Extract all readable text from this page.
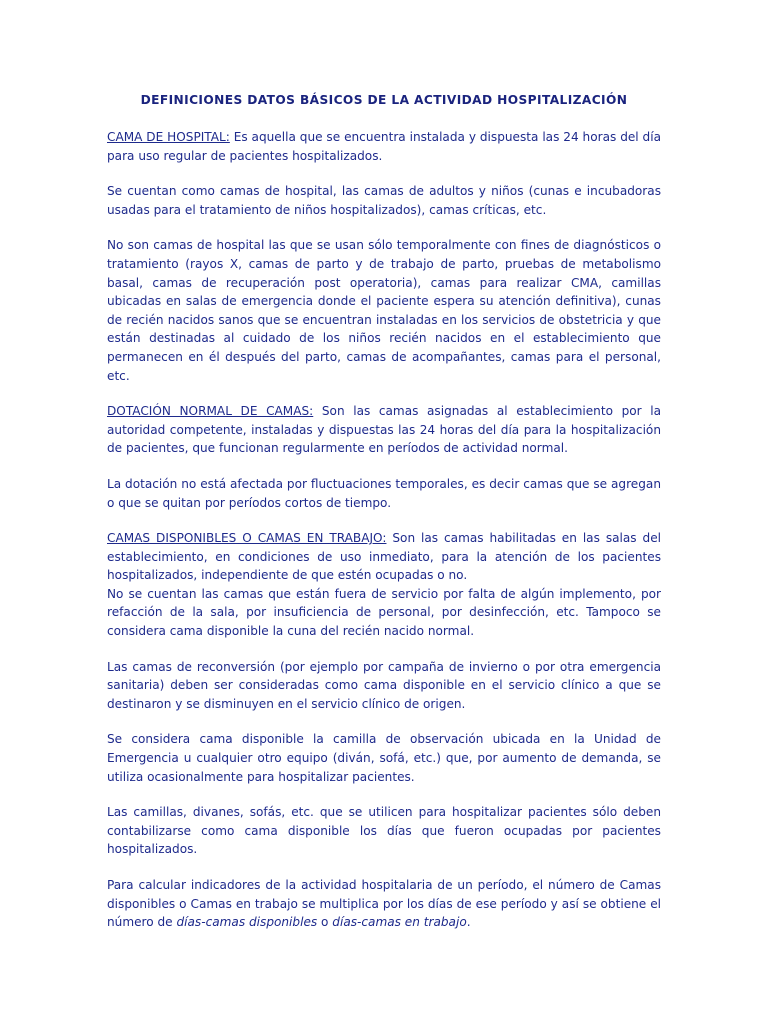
DEFINICIONES DATOS BÁSICOS DE LA ACTIVIDAD HOSPITALIZACIÓN

CAMA DE HOSPITAL: Es aquella que se encuentra instalada y dispuesta las 24 horas del día para uso regular de pacientes hospitalizados.

Se cuentan como camas de hospital, las camas de adultos y niños (cunas e incubadoras usadas para el tratamiento de niños hospitalizados), camas críticas, etc.

No son camas de hospital las que se usan sólo temporalmente con fines de diagnósticos o tratamiento (rayos X, camas de parto y de trabajo de parto, pruebas de metabolismo basal, camas de recuperación post operatoria), camas para realizar CMA, camillas ubicadas en salas de emergencia donde el paciente espera su atención definitiva), cunas de recién nacidos sanos que se encuentran instaladas en los servicios de obstetricia y que están destinadas al cuidado de los niños recién nacidos en el establecimiento que permanecen en él después del parto, camas de acompañantes, camas para el personal, etc.

DOTACIÓN NORMAL DE CAMAS: Son las camas asignadas al establecimiento por la autoridad competente, instaladas y dispuestas las 24 horas del día para la hospitalización de pacientes, que funcionan regularmente en períodos de actividad normal.

La dotación no está afectada por fluctuaciones temporales, es decir camas que se agregan o que se quitan por períodos cortos de tiempo.

CAMAS DISPONIBLES O CAMAS EN TRABAJO: Son las camas habilitadas en las salas del establecimiento, en condiciones de uso inmediato, para la atención de los pacientes hospitalizados, independiente de que estén ocupadas o no.

No se cuentan las camas que están fuera de servicio por falta de algún implemento, por refacción de la sala, por insuficiencia de personal, por desinfección, etc. Tampoco se considera cama disponible la cuna del recién nacido normal.

Las camas de reconversión (por ejemplo por campaña de invierno o por otra emergencia sanitaria) deben ser consideradas como cama disponible en el servicio clínico a que se destinaron y se disminuyen en el servicio clínico de origen.

Se considera cama disponible la camilla de observación ubicada en la Unidad de Emergencia u cualquier otro equipo (diván, sofá, etc.) que, por aumento de demanda, se utiliza ocasionalmente para hospitalizar pacientes.

Las camillas, divanes, sofás, etc. que se utilicen para hospitalizar pacientes sólo deben contabilizarse como cama disponible los días que fueron ocupadas por pacientes hospitalizados.

Para calcular indicadores de la actividad hospitalaria de un período, el número de Camas disponibles o Camas en trabajo se multiplica por los días de ese período y así se obtiene el número de días-camas disponibles o días-camas en trabajo.
